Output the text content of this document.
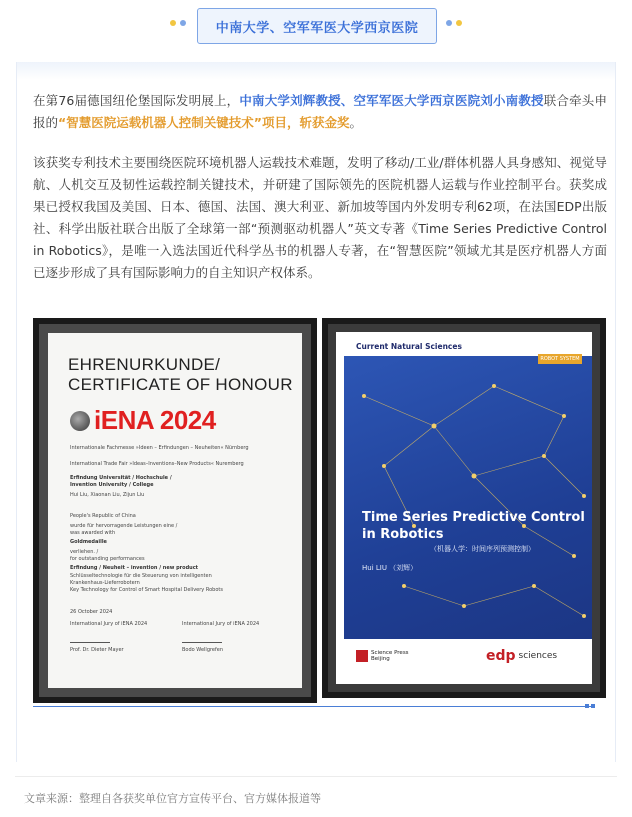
中南大学、空军军医大学西京医院

在第76届德国纽伦堡国际发明展上，中南大学刘辉教授、空军军医大学西京医院刘小南教授联合牵头申报的“智慧医院运载机器人控制关键技术”项目，斩获金奖。

该获奖专利技术主要围绕医院环境机器人运载技术难题，发明了移动/工业/群体机器人具身感知、视觉导航、人机交互及韧性运载控制关键技术，并研建了国际领先的医院机器人运载与作业控制平台。获奖成果已授权我国及美国、日本、德国、法国、澳大利亚、新加坡等国内外发明专利62项，在法国EDP出版社、科学出版社联合出版了全球第一部“预测驱动机器人”英文专著《Time Series Predictive Control in Robotics》，是唯一入选法国近代科学丛书的机器人专著，在“智慧医院”领域尤其是医疗机器人方面已逐步形成了具有国际影响力的自主知识产权体系。

EHRENURKUNDE/
CERTIFICATE OF HONOUR
iENA 2024
Internationale Fachmesse »Ideen – Erfindungen – Neuheiten« Nürnberg
International Trade Fair »Ideas–Inventions–New Products« Nuremberg
Erfindung Universität / Hochschule /
Invention University / College
Hui Liu, Xiaonan Liu, Zijun Liu
People's Republic of China
wurde für hervorragende Leistungen eine /
was awarded with
Goldmedaille
verliehen. /
for outstanding performances
Erfindung / Neuheit – invention / new product
Schlüsseltechnologie für die Steuerung von intelligenten
Krankenhaus-Lieferrobotern
Key Technology for Control of Smart Hospital Delivery Robots
26 October 2024
International Jury of iENA 2024	International Jury of iENA 2024
Prof. Dr. Dieter Mayer	Bodo Wellgrefen
Current Natural Sciences
Time Series Predictive Control
in Robotics
（机器人学：时间序列预测控制）
Hui LIU （刘辉）
ROBOT SYSTEM
Science Press
Beijing	edp sciences
文章来源：整理自各获奖单位官方宣传平台、官方媒体报道等
